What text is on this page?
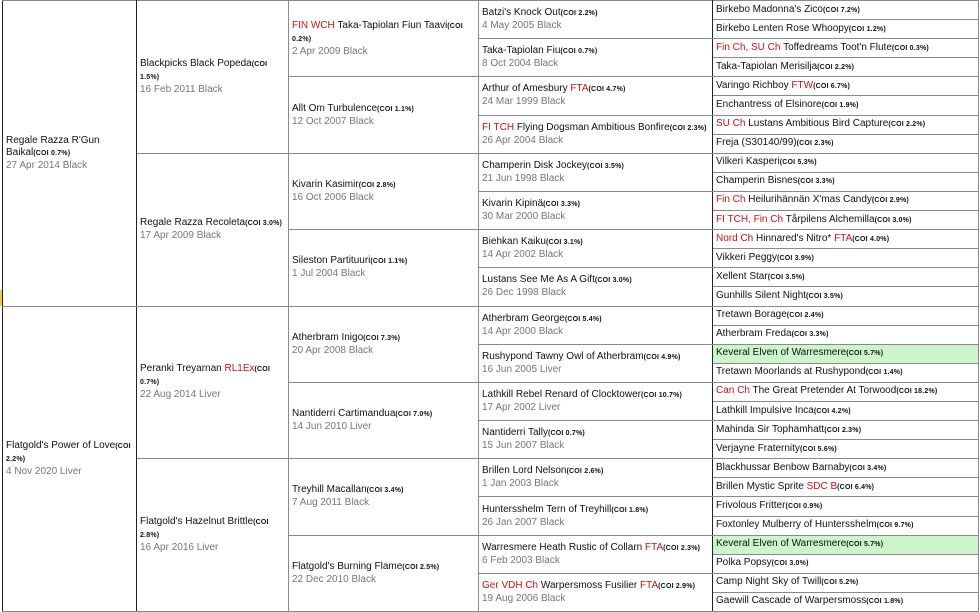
Regale Razza R'Gun Baikal(COI 0.7%)
27 Apr 2014 Black	Blackpicks Black Popeda(COI 1.5%)
16 Feb 2011 Black	FIN WCH Taka-Tapiolan Fiun Taavi(COI 0.2%)
2 Apr 2009 Black	Batzi's Knock Out(COI 2.2%)
4 May 2005 Black	Birkebo Madonna's Zico(COI 7.2%)
				Birkebo Lenten Rose Whoopy(COI 1.2%)
			Taka-Tapiolan Fiu(COI 0.7%)
8 Oct 2004 Black	Fin Ch, SU Ch Toffedreams Toot'n Flute(COI 0.3%)
				Taka-Tapiolan Merisilja(COI 2.2%)
		Allt Om Turbulence(COI 1.1%)
12 Oct 2007 Black	Arthur of Amesbury FTA(COI 4.7%)
24 Mar 1999 Black	Varingo Richboy FTW(COI 6.7%)
				Enchantress of Elsinore(COI 1.9%)
			FI TCH Flying Dogsman Ambitious Bonfire(COI 2.3%)
26 Apr 2004 Black	SU Ch Lustans Ambitious Bird Capture(COI 2.2%)
				Freja (S30140/99)(COI 2.3%)
	Regale Razza Recoleta(COI 3.0%)
17 Apr 2009 Black	Kivarin Kasimir(COI 2.8%)
16 Oct 2006 Black	Champerin Disk Jockey(COI 3.5%)
21 Jun 1998 Black	Vilkeri Kasperi(COI 5.3%)
				Champerin Bisnes(COI 3.3%)
			Kivarin Kipinä(COI 3.3%)
30 Mar 2000 Black	Fin Ch Heilurihännän X'mas Candy(COI 2.9%)
				FI TCH, Fin Ch Tårpilens Alchemilla(COI 3.0%)
		Sileston Partituuri(COI 1.1%)
1 Jul 2004 Black	Biehkan Kaiku(COI 3.1%)
14 Apr 2002 Black	Nord Ch Hinnared's Nitro* FTA(COI 4.0%)
				Vikkeri Peggy(COI 3.9%)
			Lustans See Me As A Gift(COI 3.0%)
26 Dec 1998 Black	Xellent Star(COI 3.5%)
				Gunhills Silent Night(COI 3.5%)
Flatgold's Power of Love(COI 2.2%)
4 Nov 2020 Liver	Peranki Treyarnan RL1Ex(COI 0.7%)
22 Aug 2014 Liver	Atherbram Inigo(COI 7.3%)
20 Apr 2008 Black	Atherbram George(COI 5.4%)
14 Apr 2000 Black	Tretawn Borage(COI 2.4%)
				Atherbram Freda(COI 3.3%)
			Rushypond Tawny Owl of Atherbram(COI 4.9%)
16 Jun 2005 Liver	Keveral Elven of Warresmere(COI 5.7%)
				Tretawn Moorlands at Rushypond(COI 1.4%)
		Nantiderri Cartimandua(COI 7.0%)
14 Jun 2010 Liver	Lathkill Rebel Renard of Clocktower(COI 10.7%)
17 Apr 2002 Liver	Can Ch The Great Pretender At Torwood(COI 18.2%)
				Lathkill Impulsive Inca(COI 4.2%)
			Nantiderri Tally(COI 0.7%)
15 Jun 2007 Black	Mahinda Sir Tophamhatt(COI 2.3%)
				Verjayne Fraternity(COI 5.6%)
	Flatgold's Hazelnut Brittle(COI 2.8%)
16 Apr 2016 Liver	Treyhill Macallan(COI 3.4%)
7 Aug 2011 Black	Brillen Lord Nelson(COI 2.6%)
1 Jan 2003 Black	Blackhussar Benbow Barnaby(COI 3.4%)
				Brillen Mystic Sprite SDC B(COI 6.4%)
			Huntersshelm Tern of Treyhill(COI 1.8%)
26 Jan 2007 Black	Frivolous Fritter(COI 0.9%)
				Foxtonley Mulberry of Huntersshelm(COI 9.7%)
		Flatgold's Burning Flame(COI 2.5%)
22 Dec 2010 Black	Warresmere Heath Rustic of Collarn FTA(COI 2.3%)
6 Feb 2003 Black	Keveral Elven of Warresmere(COI 5.7%)
				Polka Popsy(COI 3.0%)
			Ger VDH Ch Warpersmoss Fusilier FTA(COI 2.9%)
19 Aug 2006 Black	Camp Night Sky of Twill(COI 5.2%)
				Gaewill Cascade of Warpersmoss(COI 1.8%)
